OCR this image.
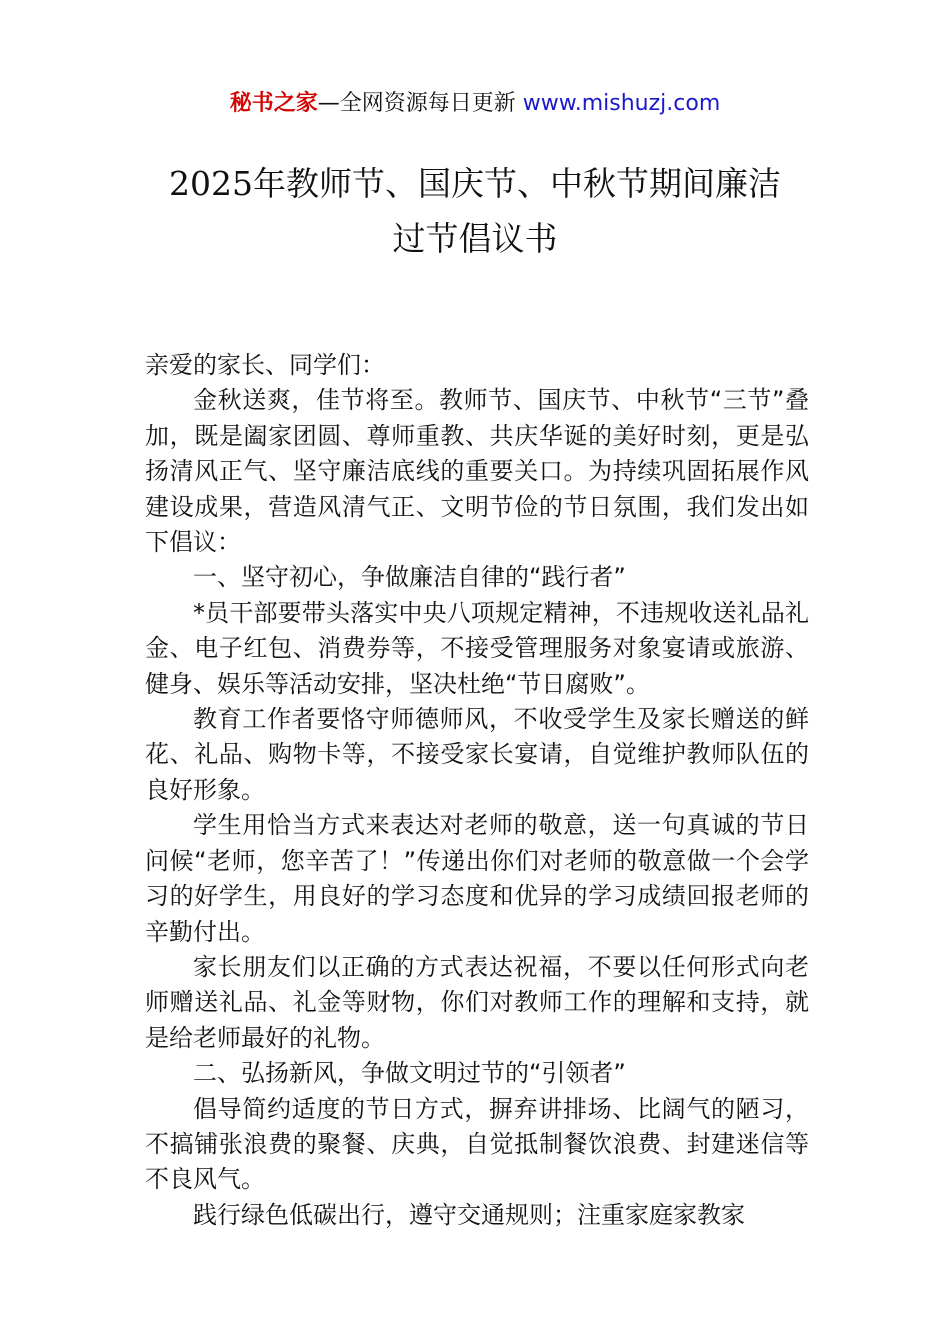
秘书之家—全网资源每日更新 www.mishuzj.com
2025年教师节、国庆节、中秋节期间廉洁
过节倡议书

亲爱的家长、同学们：

金秋送爽，佳节将至。教师节、国庆节、中秋节“三节”叠加，既是阖家团圆、尊师重教、共庆华诞的美好时刻，更是弘扬清风正气、坚守廉洁底线的重要关口。为持续巩固拓展作风建设成果，营造风清气正、文明节俭的节日氛围，我们发出如下倡议：

一、坚守初心，争做廉洁自律的“践行者”

*员干部要带头落实中央八项规定精神，不违规收送礼品礼金、电子红包、消费券等，不接受管理服务对象宴请或旅游、健身、娱乐等活动安排，坚决杜绝“节日腐败”。

教育工作者要恪守师德师风，不收受学生及家长赠送的鲜花、礼品、购物卡等，不接受家长宴请，自觉维护教师队伍的良好形象。

学生用恰当方式来表达对老师的敬意，送一句真诚的节日问候“老师，您辛苦了！”传递出你们对老师的敬意做一个会学习的好学生，用良好的学习态度和优异的学习成绩回报老师的辛勤付出。

家长朋友们以正确的方式表达祝福，不要以任何形式向老师赠送礼品、礼金等财物，你们对教师工作的理解和支持，就是给老师最好的礼物。

二、弘扬新风，争做文明过节的“引领者”

倡导简约适度的节日方式，摒弃讲排场、比阔气的陋习，不搞铺张浪费的聚餐、庆典，自觉抵制餐饮浪费、封建迷信等不良风气。

践行绿色低碳出行，遵守交通规则；注重家庭家教家
